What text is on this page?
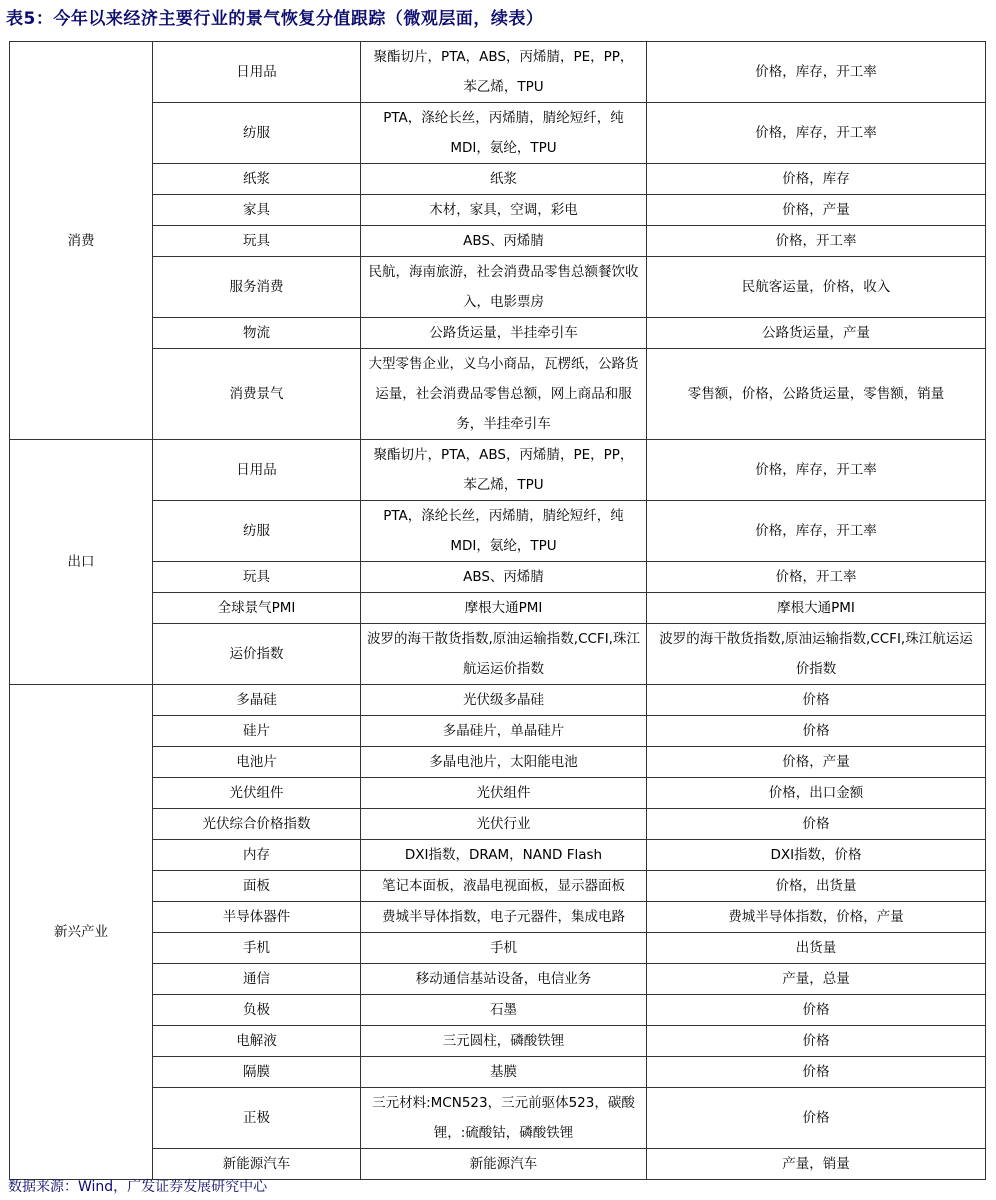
表5：今年以来经济主要行业的景气恢复分值跟踪（微观层面，续表）
消费	日用品	聚酯切片，PTA，ABS，丙烯腈，PE，PP，苯乙烯，TPU	价格，库存，开工率
	纺服	PTA，涤纶长丝，丙烯腈，腈纶短纤，纯MDI，氨纶，TPU	价格，库存，开工率
	纸浆	纸浆	价格，库存
	家具	木材，家具，空调，彩电	价格，产量
	玩具	ABS、丙烯腈	价格，开工率
	服务消费	民航，海南旅游，社会消费品零售总额餐饮收入，电影票房	民航客运量，价格，收入
	物流	公路货运量，半挂牵引车	公路货运量，产量
	消费景气	大型零售企业，义乌小商品，瓦楞纸，公路货运量，社会消费品零售总额，网上商品和服务，半挂牵引车	零售额，价格，公路货运量，零售额，销量
出口	日用品	聚酯切片，PTA，ABS，丙烯腈，PE，PP，苯乙烯，TPU	价格，库存，开工率
	纺服	PTA，涤纶长丝，丙烯腈，腈纶短纤，纯MDI，氨纶，TPU	价格，库存，开工率
	玩具	ABS、丙烯腈	价格，开工率
	全球景气PMI	摩根大通PMI	摩根大通PMI
	运价指数	波罗的海干散货指数,原油运输指数,CCFI,珠江航运运价指数	波罗的海干散货指数,原油运输指数,CCFI,珠江航运运价指数
新兴产业	多晶硅	光伏级多晶硅	价格
	硅片	多晶硅片，单晶硅片	价格
	电池片	多晶电池片，太阳能电池	价格，产量
	光伏组件	光伏组件	价格，出口金额
	光伏综合价格指数	光伏行业	价格
	内存	DXI指数，DRAM，NAND Flash	DXI指数，价格
	面板	笔记本面板，液晶电视面板，显示器面板	价格，出货量
	半导体器件	费城半导体指数，电子元器件，集成电路	费城半导体指数，价格，产量
	手机	手机	出货量
	通信	移动通信基站设备，电信业务	产量，总量
	负极	石墨	价格
	电解液	三元圆柱，磷酸铁锂	价格
	隔膜	基膜	价格
	正极	三元材料:MCN523，三元前驱体523，碳酸锂，:硫酸钴，磷酸铁锂	价格
	新能源汽车	新能源汽车	产量，销量
数据来源：Wind，广发证券发展研究中心
